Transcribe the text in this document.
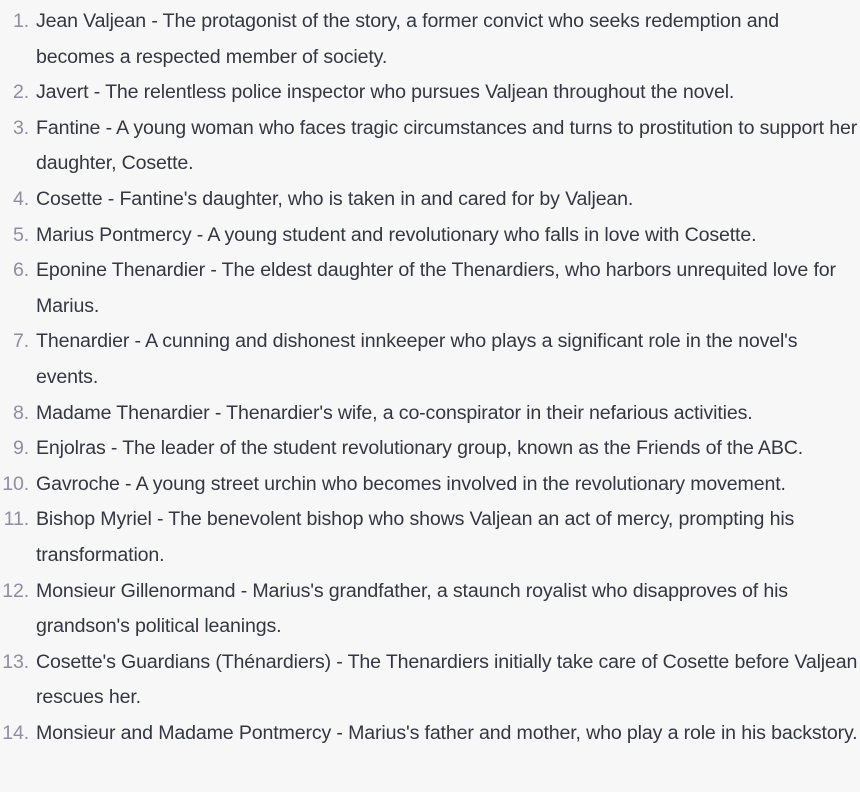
1. Jean Valjean - The protagonist of the story, a former convict who seeks redemption and becomes a respected member of society.
2. Javert - The relentless police inspector who pursues Valjean throughout the novel.
3. Fantine - A young woman who faces tragic circumstances and turns to prostitution to support her daughter, Cosette.
4. Cosette - Fantine's daughter, who is taken in and cared for by Valjean.
5. Marius Pontmercy - A young student and revolutionary who falls in love with Cosette.
6. Eponine Thenardier - The eldest daughter of the Thenardiers, who harbors unrequited love for Marius.
7. Thenardier - A cunning and dishonest innkeeper who plays a significant role in the novel's events.
8. Madame Thenardier - Thenardier's wife, a co-conspirator in their nefarious activities.
9. Enjolras - The leader of the student revolutionary group, known as the Friends of the ABC.
10. Gavroche - A young street urchin who becomes involved in the revolutionary movement.
11. Bishop Myriel - The benevolent bishop who shows Valjean an act of mercy, prompting his transformation.
12. Monsieur Gillenormand - Marius's grandfather, a staunch royalist who disapproves of his grandson's political leanings.
13. Cosette's Guardians (Thénardiers) - The Thenardiers initially take care of Cosette before Valjean rescues her.
14. Monsieur and Madame Pontmercy - Marius's father and mother, who play a role in his backstory.
